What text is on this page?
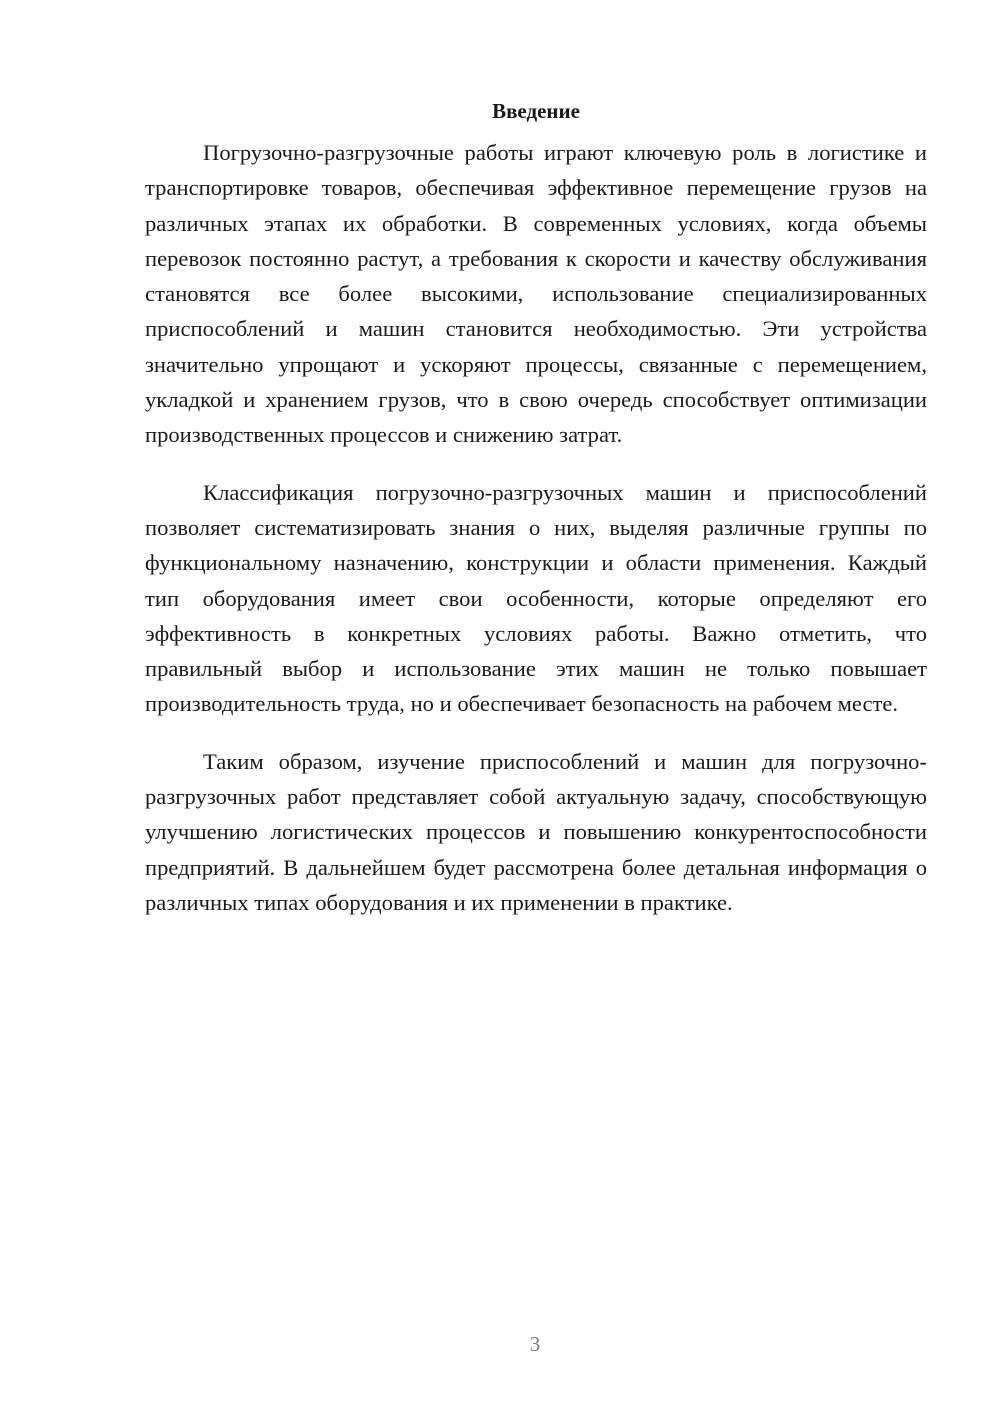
Введение

Погрузочно-разгрузочные работы играют ключевую роль в логистике и транспортировке товаров, обеспечивая эффективное перемещение грузов на различных этапах их обработки. В современных условиях, когда объемы перевозок постоянно растут, а требования к скорости и качеству обслуживания становятся все более высокими, использование специализированных приспособлений и машин становится необходимостью. Эти устройства значительно упрощают и ускоряют процессы, связанные с перемещением, укладкой и хранением грузов, что в свою очередь способствует оптимизации производственных процессов и снижению затрат.

Классификация погрузочно-разгрузочных машин и приспособлений позволяет систематизировать знания о них, выделяя различные группы по функциональному назначению, конструкции и области применения. Каждый тип оборудования имеет свои особенности, которые определяют его эффективность в конкретных условиях работы. Важно отметить, что правильный выбор и использование этих машин не только повышает производительность труда, но и обеспечивает безопасность на рабочем месте.

Таким образом, изучение приспособлений и машин для погрузочно-разгрузочных работ представляет собой актуальную задачу, способствующую улучшению логистических процессов и повышению конкурентоспособности предприятий. В дальнейшем будет рассмотрена более детальная информация о различных типах оборудования и их применении в практике.

3
